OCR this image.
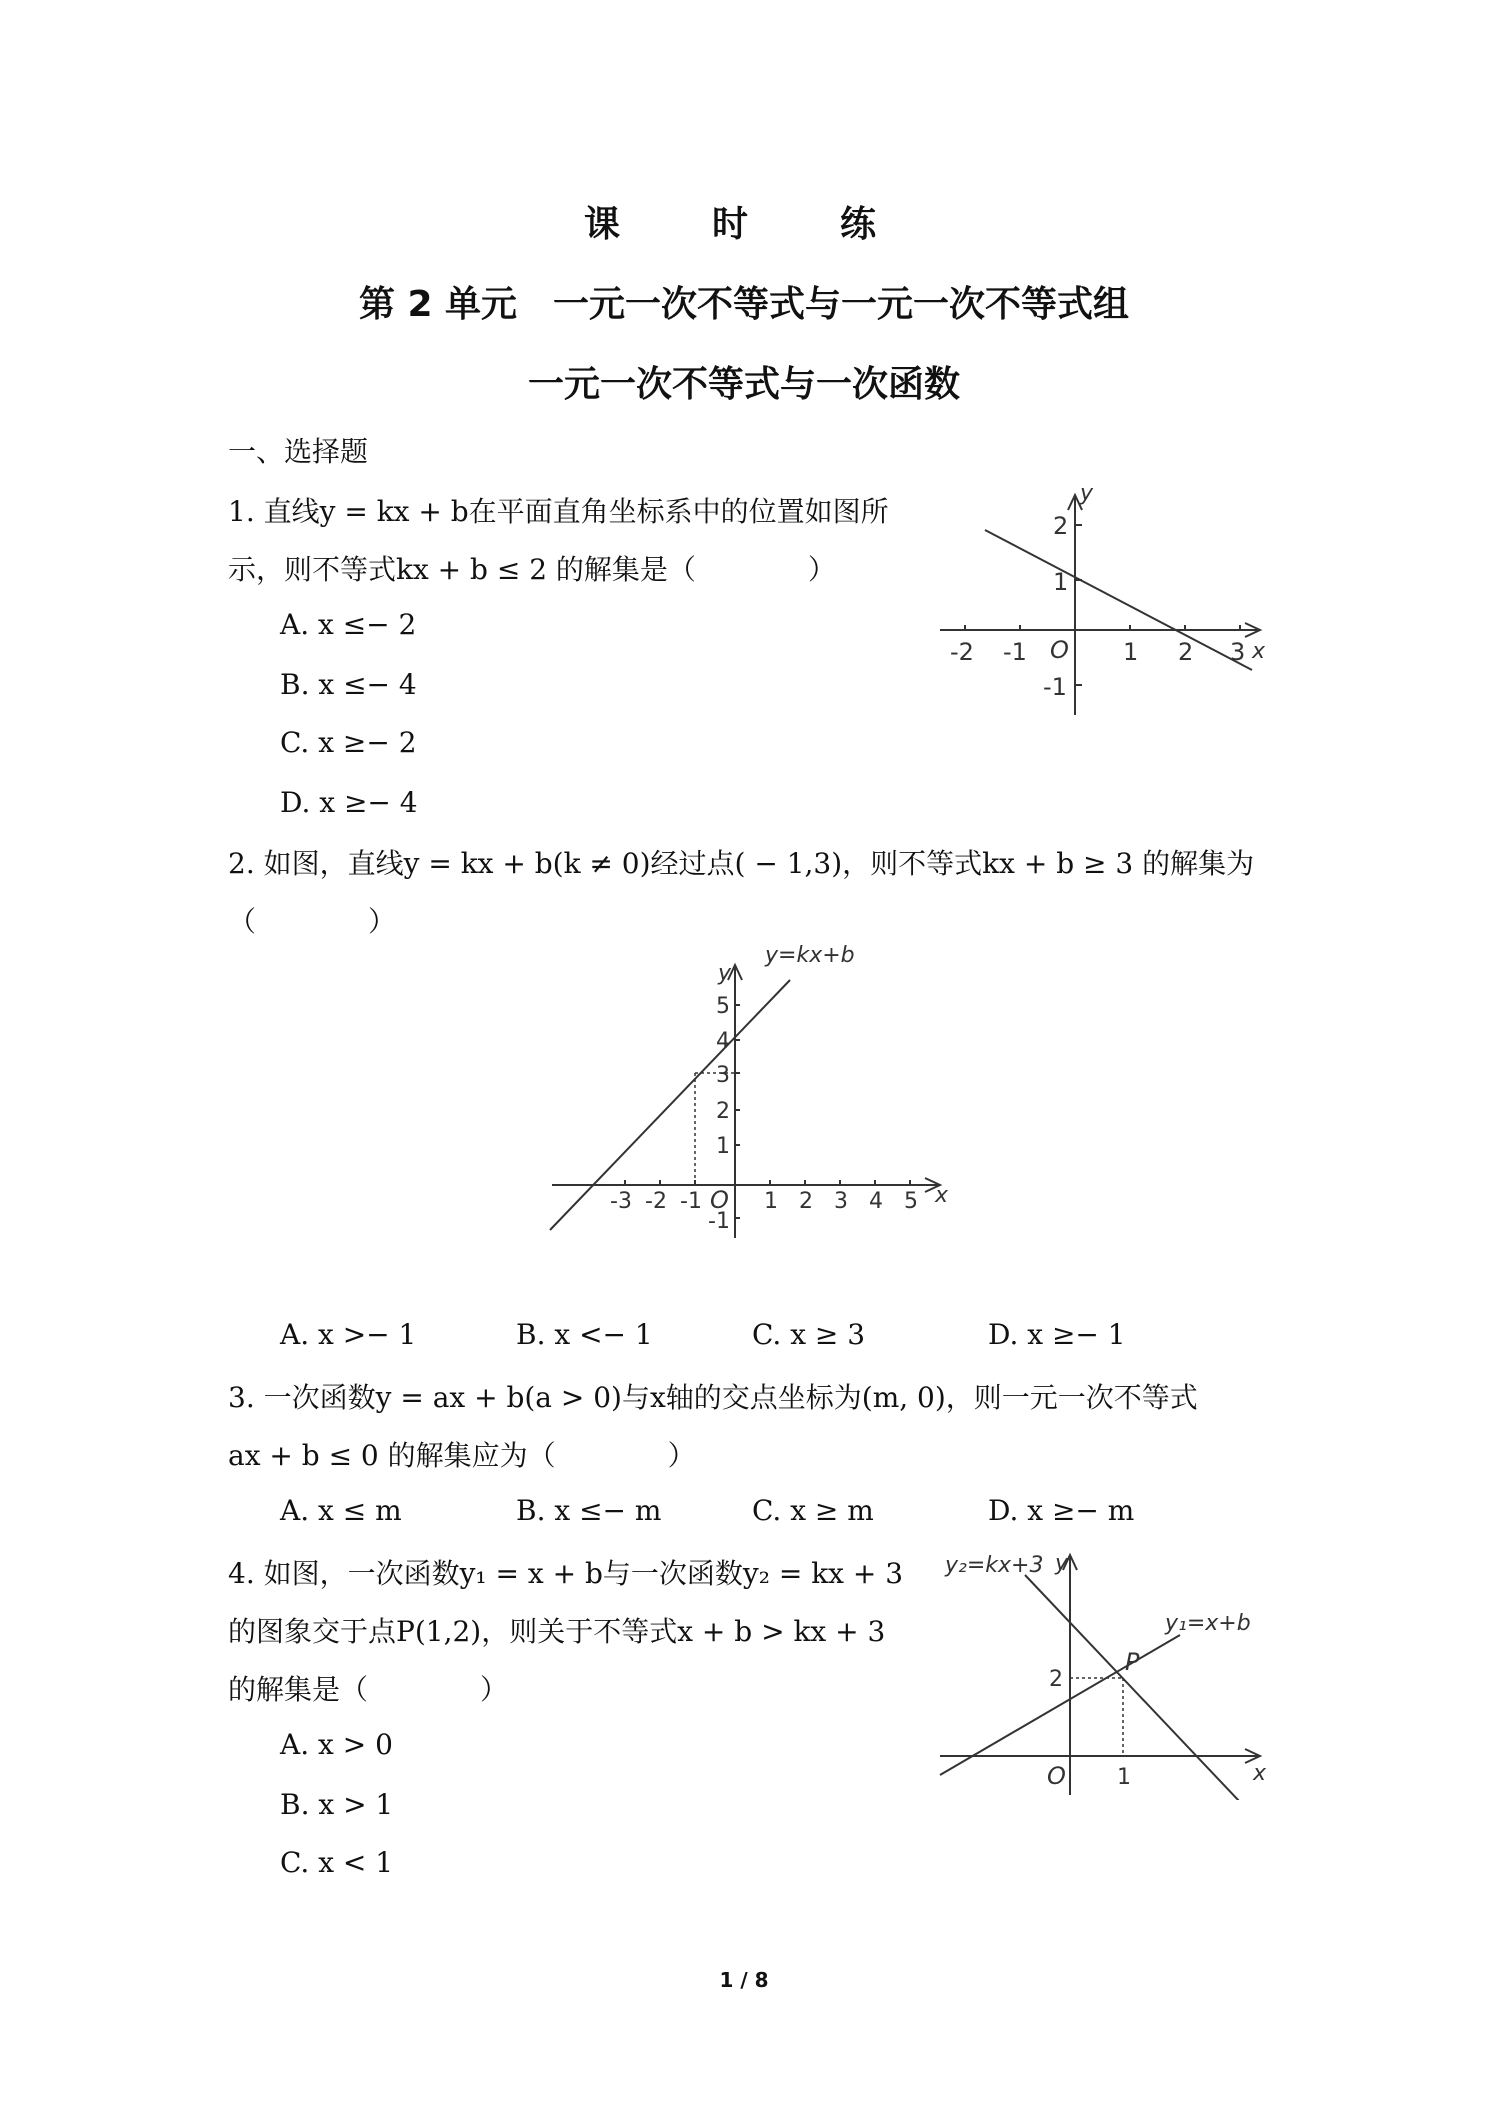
课　时　练
第 2 单元　一元一次不等式与一元一次不等式组
一元一次不等式与一次函数
一、选择题
1. 直线y = kx + b在平面直角坐标系中的位置如图所
示，则不等式kx + b ≤ 2 的解集是（　　　　）
A. x ≤− 2
B. x ≤− 4
C. x ≥− 2
D. x ≥− 4
y
x
O
-2 -1	1 2 3
2
1
-1
2. 如图，直线y = kx + b(k ≠ 0)经过点( − 1,3)，则不等式kx + b ≥ 3 的解集为
（　　　　）
y=kx+b
y
x
O
-3 -2 -1	1 2 3 4 5
5
4
3
2
1
-1
A. x >− 1	B. x <− 1	C. x ≥ 3	D. x ≥− 1
3. 一次函数y = ax + b(a > 0)与x轴的交点坐标为(m, 0)，则一元一次不等式
ax + b ≤ 0 的解集应为（　　　　）
A. x ≤ m	B. x ≤− m	C. x ≥ m	D. x ≥− m
4. 如图，一次函数y₁ = x + b与一次函数y₂ = kx + 3
的图象交于点P(1,2)，则关于不等式x + b > kx + 3
的解集是（　　　　）
A. x > 0
B. x > 1
C. x < 1
y₂=kx+3
y₁=x+b
y
x
O
P
1
2
1 / 8
